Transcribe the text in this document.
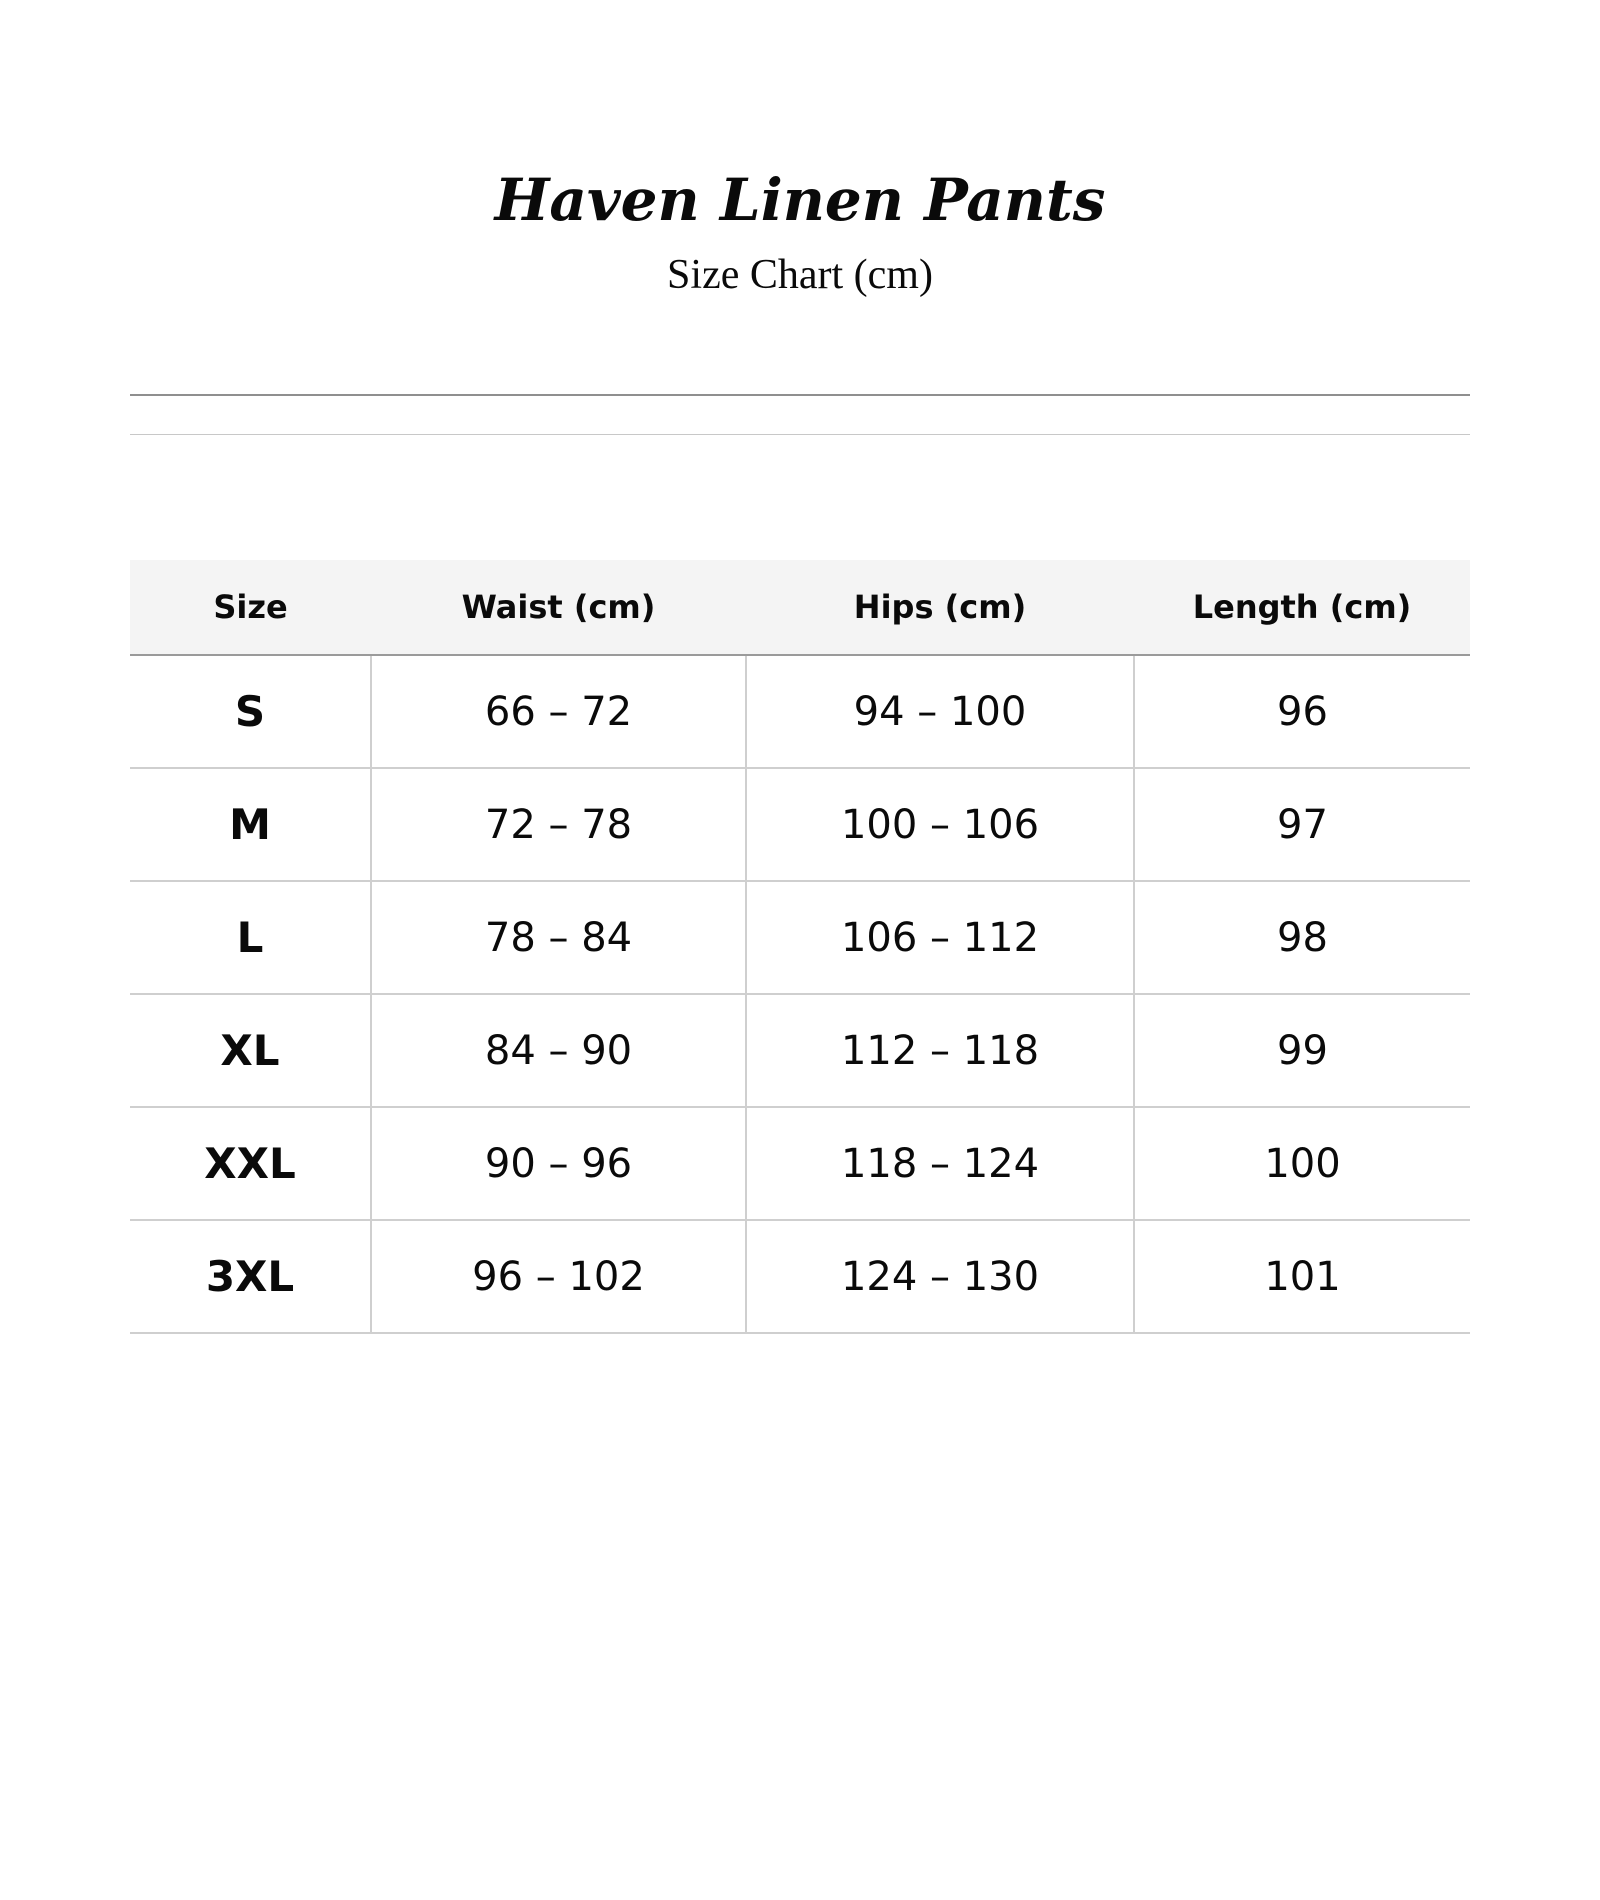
Haven Linen Pants
Size Chart (cm)
Size	Waist (cm)	Hips (cm)	Length (cm)
S	66 – 72	94 – 100	96
M	72 – 78	100 – 106	97
L	78 – 84	106 – 112	98
XL	84 – 90	112 – 118	99
XXL	90 – 96	118 – 124	100
3XL	96 – 102	124 – 130	101
